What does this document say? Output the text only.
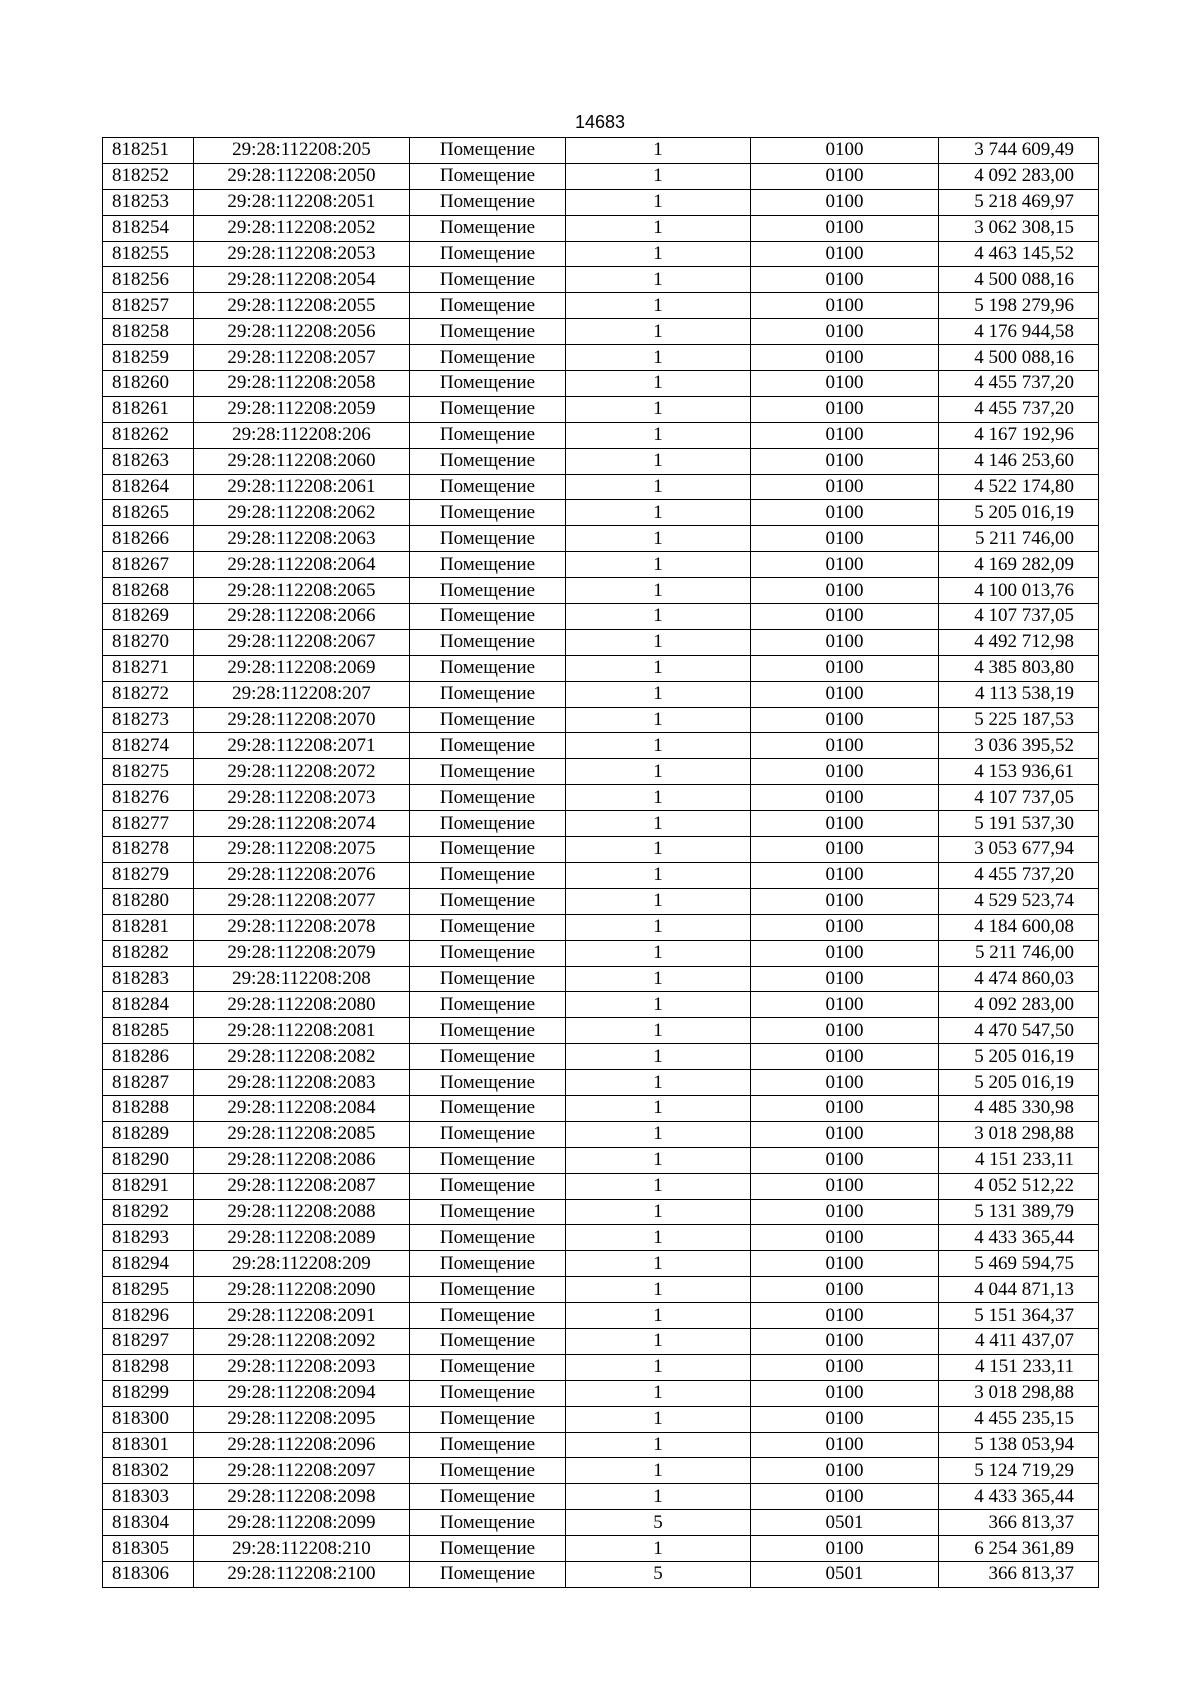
14683
818251	29:28:112208:205	Помещение	1	0100	3 744 609,49
818252	29:28:112208:2050	Помещение	1	0100	4 092 283,00
818253	29:28:112208:2051	Помещение	1	0100	5 218 469,97
818254	29:28:112208:2052	Помещение	1	0100	3 062 308,15
818255	29:28:112208:2053	Помещение	1	0100	4 463 145,52
818256	29:28:112208:2054	Помещение	1	0100	4 500 088,16
818257	29:28:112208:2055	Помещение	1	0100	5 198 279,96
818258	29:28:112208:2056	Помещение	1	0100	4 176 944,58
818259	29:28:112208:2057	Помещение	1	0100	4 500 088,16
818260	29:28:112208:2058	Помещение	1	0100	4 455 737,20
818261	29:28:112208:2059	Помещение	1	0100	4 455 737,20
818262	29:28:112208:206	Помещение	1	0100	4 167 192,96
818263	29:28:112208:2060	Помещение	1	0100	4 146 253,60
818264	29:28:112208:2061	Помещение	1	0100	4 522 174,80
818265	29:28:112208:2062	Помещение	1	0100	5 205 016,19
818266	29:28:112208:2063	Помещение	1	0100	5 211 746,00
818267	29:28:112208:2064	Помещение	1	0100	4 169 282,09
818268	29:28:112208:2065	Помещение	1	0100	4 100 013,76
818269	29:28:112208:2066	Помещение	1	0100	4 107 737,05
818270	29:28:112208:2067	Помещение	1	0100	4 492 712,98
818271	29:28:112208:2069	Помещение	1	0100	4 385 803,80
818272	29:28:112208:207	Помещение	1	0100	4 113 538,19
818273	29:28:112208:2070	Помещение	1	0100	5 225 187,53
818274	29:28:112208:2071	Помещение	1	0100	3 036 395,52
818275	29:28:112208:2072	Помещение	1	0100	4 153 936,61
818276	29:28:112208:2073	Помещение	1	0100	4 107 737,05
818277	29:28:112208:2074	Помещение	1	0100	5 191 537,30
818278	29:28:112208:2075	Помещение	1	0100	3 053 677,94
818279	29:28:112208:2076	Помещение	1	0100	4 455 737,20
818280	29:28:112208:2077	Помещение	1	0100	4 529 523,74
818281	29:28:112208:2078	Помещение	1	0100	4 184 600,08
818282	29:28:112208:2079	Помещение	1	0100	5 211 746,00
818283	29:28:112208:208	Помещение	1	0100	4 474 860,03
818284	29:28:112208:2080	Помещение	1	0100	4 092 283,00
818285	29:28:112208:2081	Помещение	1	0100	4 470 547,50
818286	29:28:112208:2082	Помещение	1	0100	5 205 016,19
818287	29:28:112208:2083	Помещение	1	0100	5 205 016,19
818288	29:28:112208:2084	Помещение	1	0100	4 485 330,98
818289	29:28:112208:2085	Помещение	1	0100	3 018 298,88
818290	29:28:112208:2086	Помещение	1	0100	4 151 233,11
818291	29:28:112208:2087	Помещение	1	0100	4 052 512,22
818292	29:28:112208:2088	Помещение	1	0100	5 131 389,79
818293	29:28:112208:2089	Помещение	1	0100	4 433 365,44
818294	29:28:112208:209	Помещение	1	0100	5 469 594,75
818295	29:28:112208:2090	Помещение	1	0100	4 044 871,13
818296	29:28:112208:2091	Помещение	1	0100	5 151 364,37
818297	29:28:112208:2092	Помещение	1	0100	4 411 437,07
818298	29:28:112208:2093	Помещение	1	0100	4 151 233,11
818299	29:28:112208:2094	Помещение	1	0100	3 018 298,88
818300	29:28:112208:2095	Помещение	1	0100	4 455 235,15
818301	29:28:112208:2096	Помещение	1	0100	5 138 053,94
818302	29:28:112208:2097	Помещение	1	0100	5 124 719,29
818303	29:28:112208:2098	Помещение	1	0100	4 433 365,44
818304	29:28:112208:2099	Помещение	5	0501	366 813,37
818305	29:28:112208:210	Помещение	1	0100	6 254 361,89
818306	29:28:112208:2100	Помещение	5	0501	366 813,37
